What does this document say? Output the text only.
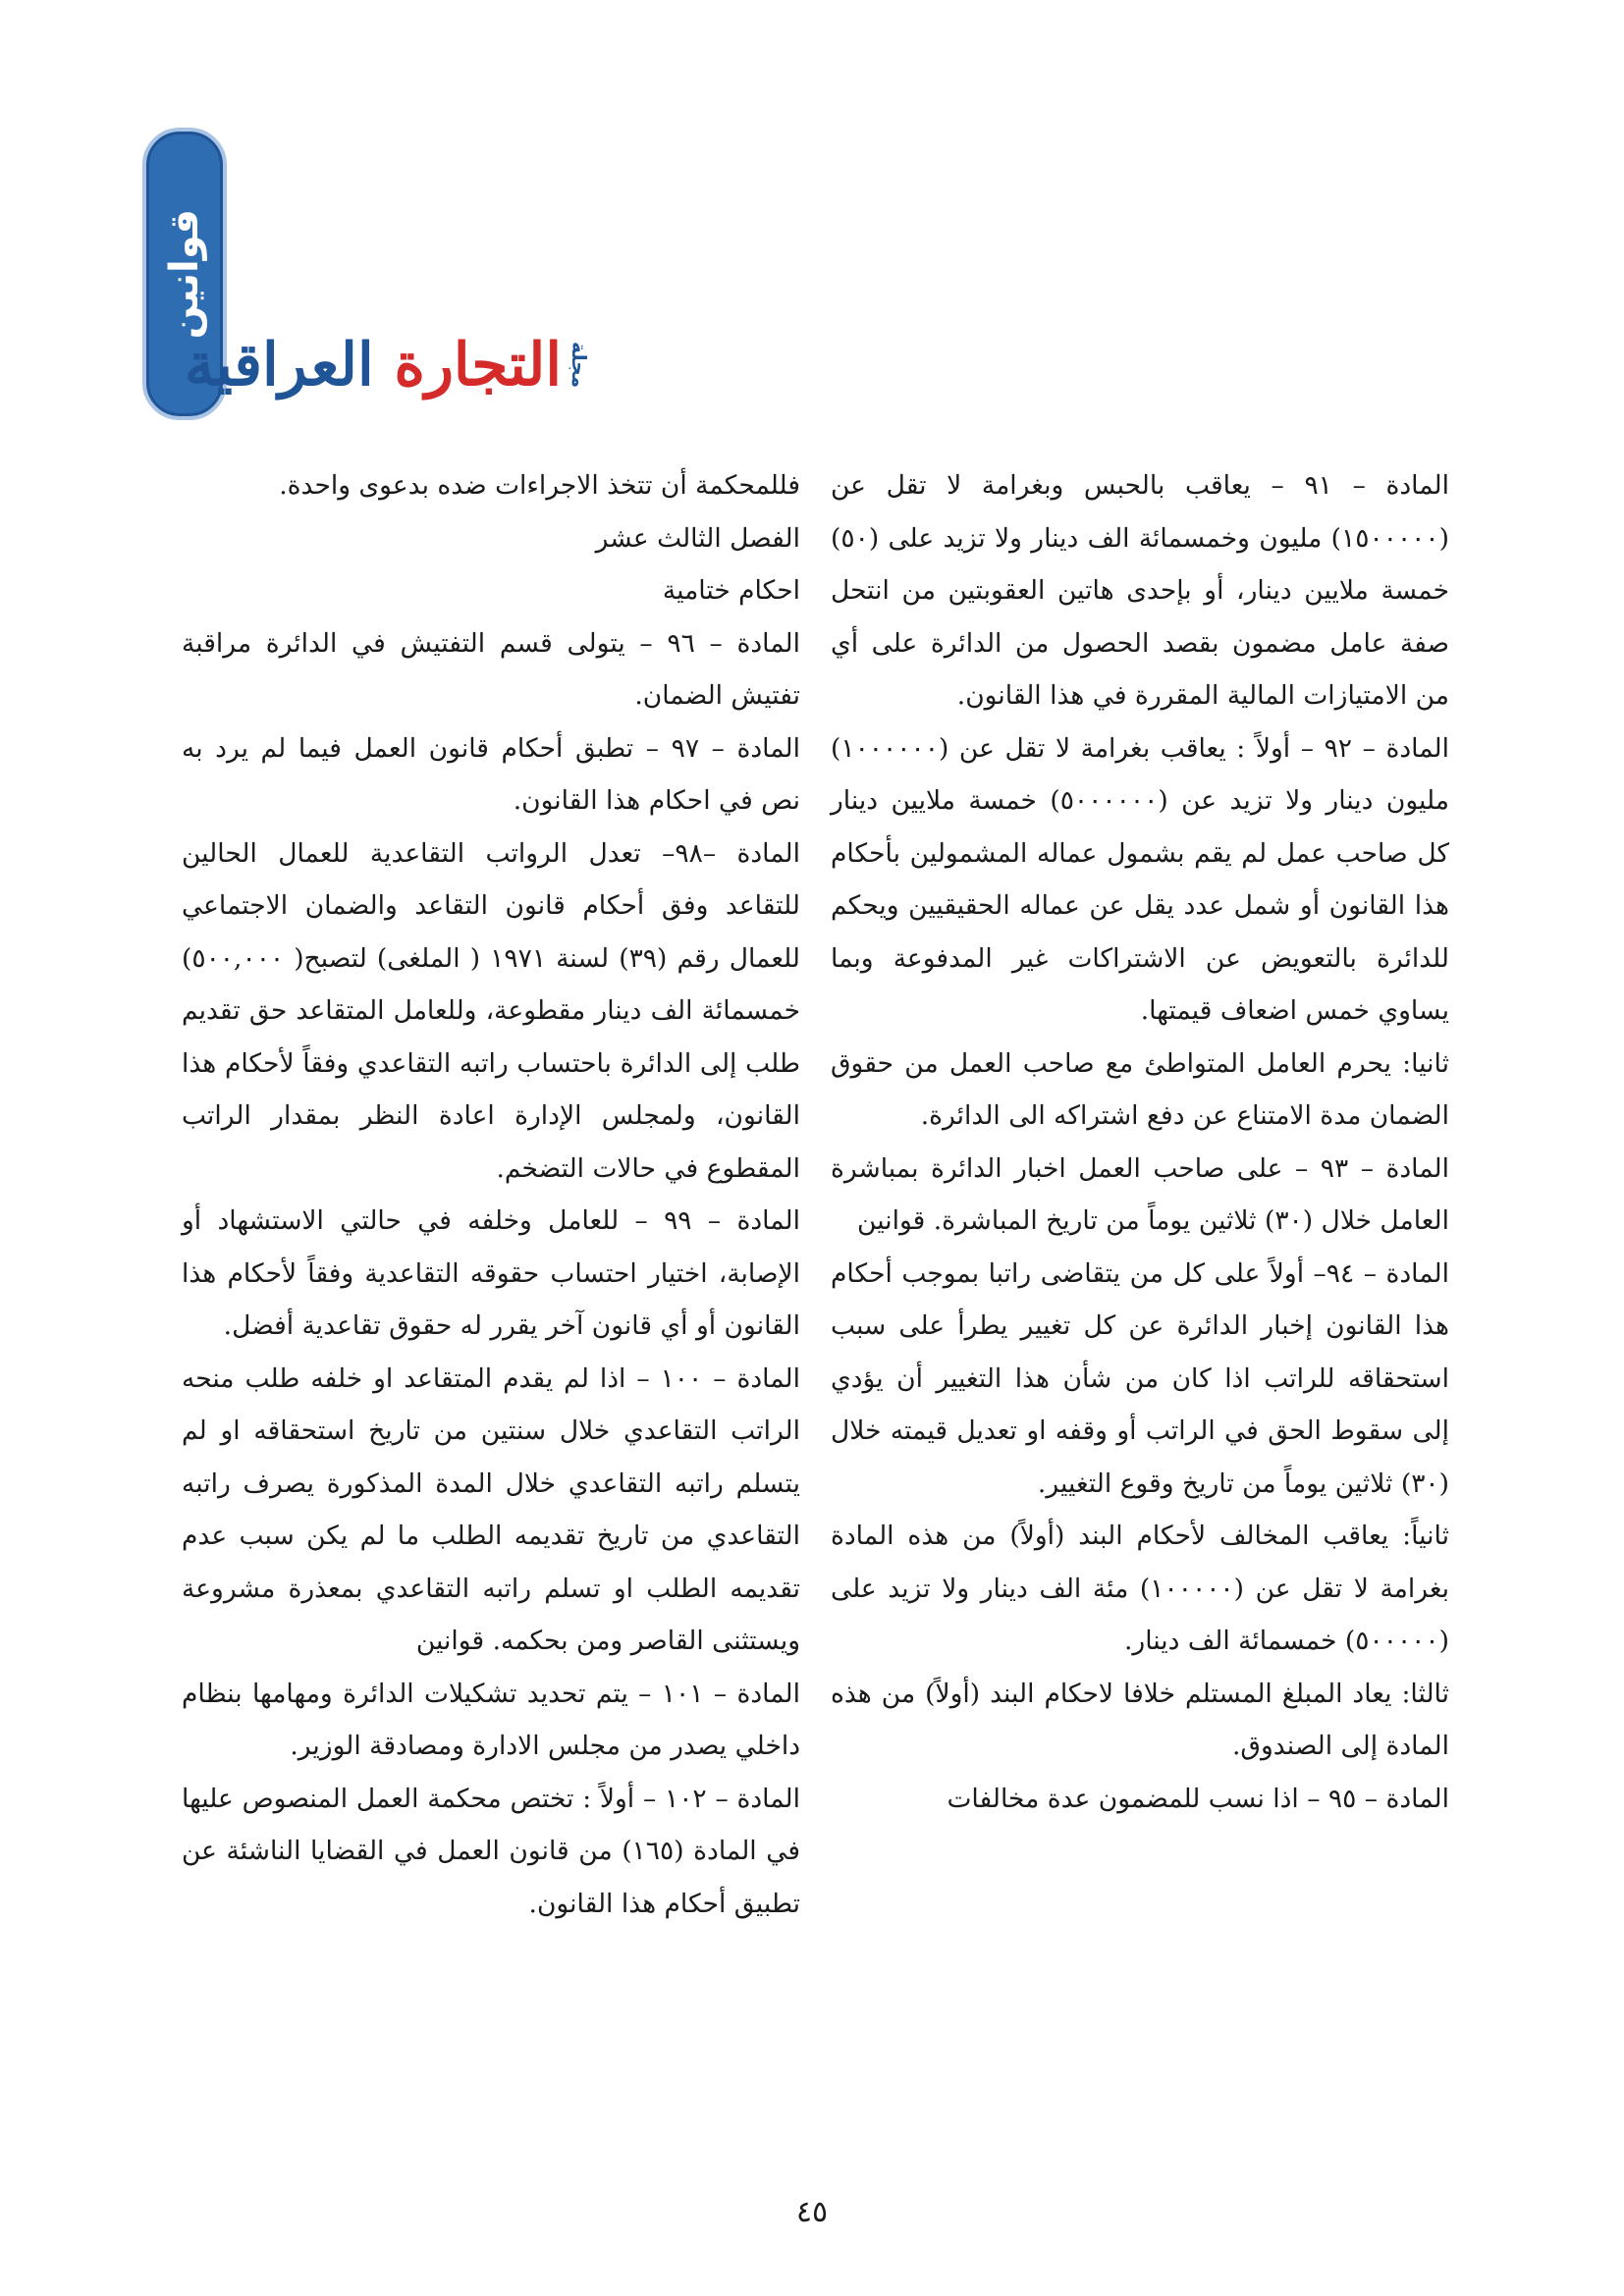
قوانين
مجلة
التجارة العراقية

المادة – ٩١ – يعاقب بالحبس وبغرامة لا تقل عن (١٥٠٠٠٠٠) مليون وخمسمائة الف دينار ولا تزيد على (٥٠) خمسة ملايين دينار، أو بإحدى هاتين العقوبتين من انتحل صفة عامل مضمون بقصد الحصول من الدائرة على أي من الامتيازات المالية المقررة في هذا القانون.

المادة – ٩٢ – أولاً : يعاقب بغرامة لا تقل عن (١٠٠٠٠٠٠) مليون دينار ولا تزيد عن (٥٠٠٠٠٠٠) خمسة ملايين دينار كل صاحب عمل لم يقم بشمول عماله المشمولين بأحكام هذا القانون أو شمل عدد يقل عن عماله الحقيقيين ويحكم للدائرة بالتعويض عن الاشتراكات غير المدفوعة وبما يساوي خمس اضعاف قيمتها.

ثانيا: يحرم العامل المتواطئ مع صاحب العمل من حقوق الضمان مدة الامتناع عن دفع اشتراكه الى الدائرة.

المادة – ٩٣ – على صاحب العمل اخبار الدائرة بمباشرة العامل خلال (٣٠) ثلاثين يوماً من تاريخ المباشرة. قوانين

المادة – ٩٤– أولاً على كل من يتقاضى راتبا بموجب أحكام هذا القانون إخبار الدائرة عن كل تغيير يطرأ على سبب استحقاقه للراتب اذا كان من شأن هذا التغيير أن يؤدي إلى سقوط الحق في الراتب أو وقفه او تعديل قيمته خلال (٣٠) ثلاثين يوماً من تاريخ وقوع التغيير.

ثانياً: يعاقب المخالف لأحكام البند (أولاً) من هذه المادة بغرامة لا تقل عن (١٠٠٠٠٠) مئة الف دينار ولا تزيد على (٥٠٠٠٠٠) خمسمائة الف دينار.

ثالثا: يعاد المبلغ المستلم خلافا لاحكام البند (أولاً) من هذه المادة إلى الصندوق.

المادة – ٩٥ – اذا نسب للمضمون عدة مخالفات

فللمحكمة أن تتخذ الاجراءات ضده بدعوى واحدة.

الفصل الثالث عشر

احكام ختامية

المادة – ٩٦ – يتولى قسم التفتيش في الدائرة مراقبة تفتيش الضمان.

المادة – ٩٧ – تطبق أحكام قانون العمل فيما لم يرد به نص في احكام هذا القانون.

المادة –٩٨– تعدل الرواتب التقاعدية للعمال الحالين للتقاعد وفق أحكام قانون التقاعد والضمان الاجتماعي للعمال رقم (٣٩) لسنة ١٩٧١ ( الملغى) لتصبح( ٥٠٠,٠٠٠) خمسمائة الف دينار مقطوعة، وللعامل المتقاعد حق تقديم طلب إلى الدائرة باحتساب راتبه التقاعدي وفقاً لأحكام هذا القانون، ولمجلس الإدارة اعادة النظر بمقدار الراتب المقطوع في حالات التضخم.

المادة – ٩٩ – للعامل وخلفه في حالتي الاستشهاد أو الإصابة، اختيار احتساب حقوقه التقاعدية وفقاً لأحكام هذا القانون أو أي قانون آخر يقرر له حقوق تقاعدية أفضل.

المادة – ١٠٠ – اذا لم يقدم المتقاعد او خلفه طلب منحه الراتب التقاعدي خلال سنتين من تاريخ استحقاقه او لم يتسلم راتبه التقاعدي خلال المدة المذكورة يصرف راتبه التقاعدي من تاريخ تقديمه الطلب ما لم يكن سبب عدم تقديمه الطلب او تسلم راتبه التقاعدي بمعذرة مشروعة ويستثنى القاصر ومن بحكمه. قوانين

المادة – ١٠١ – يتم تحديد تشكيلات الدائرة ومهامها بنظام داخلي يصدر من مجلس الادارة ومصادقة الوزير.

المادة – ١٠٢ – أولاً : تختص محكمة العمل المنصوص عليها في المادة (١٦٥) من قانون العمل في القضايا الناشئة عن تطبيق أحكام هذا القانون.

٤٥
